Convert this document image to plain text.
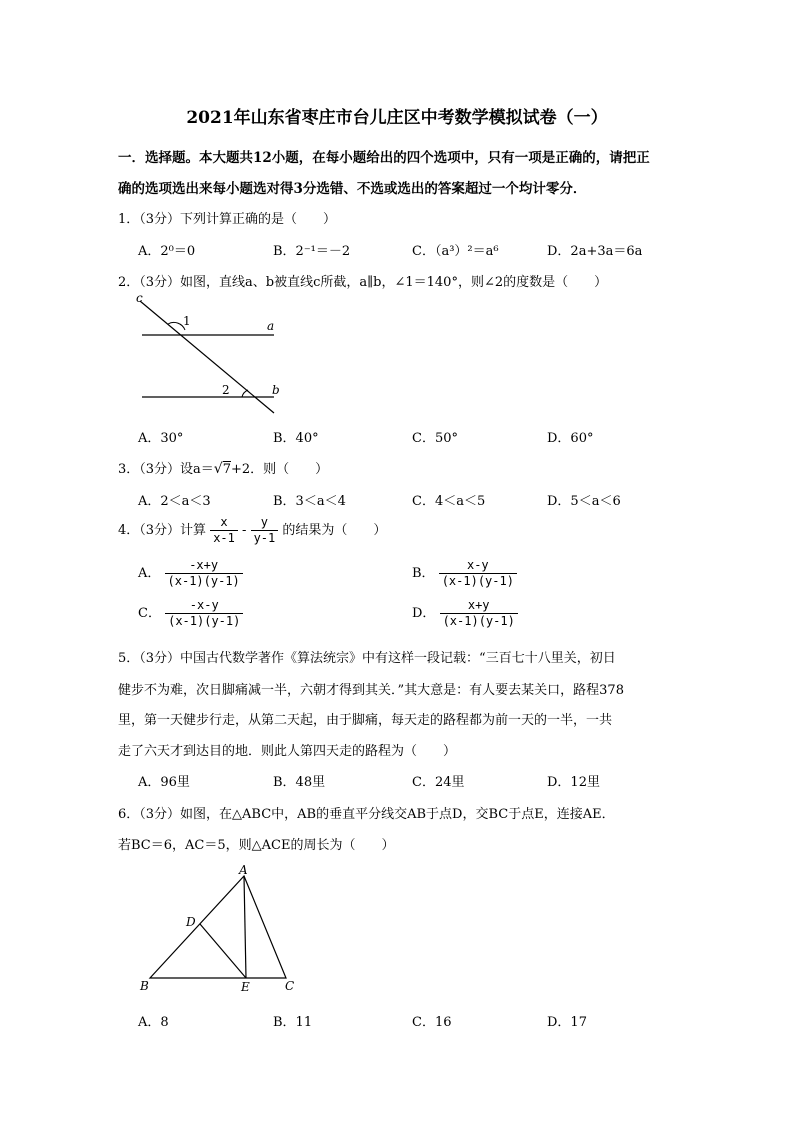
2021年山东省枣庄市台儿庄区中考数学模拟试卷（一）
一．选择题。本大题共12小题，在每小题给出的四个选项中，只有一项是正确的，请把正
确的选项选出来每小题选对得3分选错、不选或选出的答案超过一个均计零分．
1．（3分）下列计算正确的是（　　）
A．2⁰＝0	B．2⁻¹＝－2	C．（a³）²＝a⁶	D．2a+3a＝6a
2．（3分）如图，直线a、b被直线c所截，a∥b，∠1＝140°，则∠2的度数是（　　）
c
a
b
1
2
A．30°	B．40°	C．50°	D．60°
3．（3分）设a＝√7+2．则（　　）
A．2＜a＜3	B．3＜a＜4	C．4＜a＜5	D．5＜a＜6
4．（3分）计算 $\frac{x}{x-1} - \frac{y}{y-1}$ 的结果为（　　）
A． $\frac{-x+y}{(x-1)(y-1)}$	B． $\frac{x-y}{(x-1)(y-1)}$
C． $\frac{-x-y}{(x-1)(y-1)}$	D． $\frac{x+y}{(x-1)(y-1)}$
5．（3分）中国古代数学著作《算法统宗》中有这样一段记载：“三百七十八里关，初日
健步不为难，次日脚痛减一半，六朝才得到其关．”其大意是：有人要去某关口，路程378
里，第一天健步行走，从第二天起，由于脚痛，每天走的路程都为前一天的一半，一共
走了六天才到达目的地．则此人第四天走的路程为（　　）
A．96里	B．48里	C．24里	D．12里
6．（3分）如图，在△ABC中，AB的垂直平分线交AB于点D，交BC于点E，连接AE．
若BC＝6，AC＝5，则△ACE的周长为（　　）
A
D
B	E	C
A．8	B．11	C．16	D．17
